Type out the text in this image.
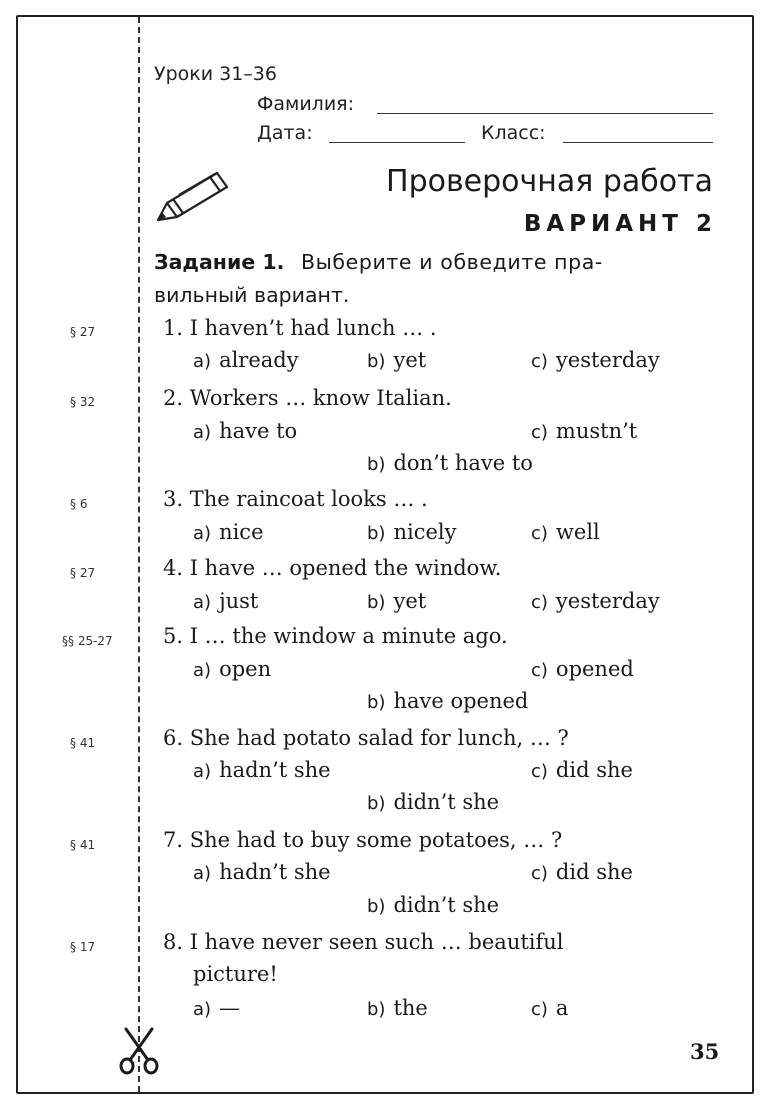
Уроки 31–36
Фамилия:
Дата:	Класс:
Проверочная работа
ВАРИАНТ 2
Задание 1. Выберите и обведите пра-
вильный вариант.
§ 27	1. I haven’t had lunch … .
a) already	b) yet	c) yesterday
§ 32	2. Workers … know Italian.
a) have to	c) mustn’t
b) don’t have to
§ 6	3. The raincoat looks … .
a) nice	b) nicely	c) well
§ 27	4. I have … opened the window.
a) just	b) yet	c) yesterday
§§ 25-27 5. I … the window a minute ago.
a) open	c) opened
b) have opened
§ 41	6. She had potato salad for lunch, … ?
a) hadn’t she	c) did she
b) didn’t she
§ 41	7. She had to buy some potatoes, … ?
a) hadn’t she	c) did she
b) didn’t she
§ 17	8. I have never seen such … beautiful
picture!
a) —	b) the	c) a
35
